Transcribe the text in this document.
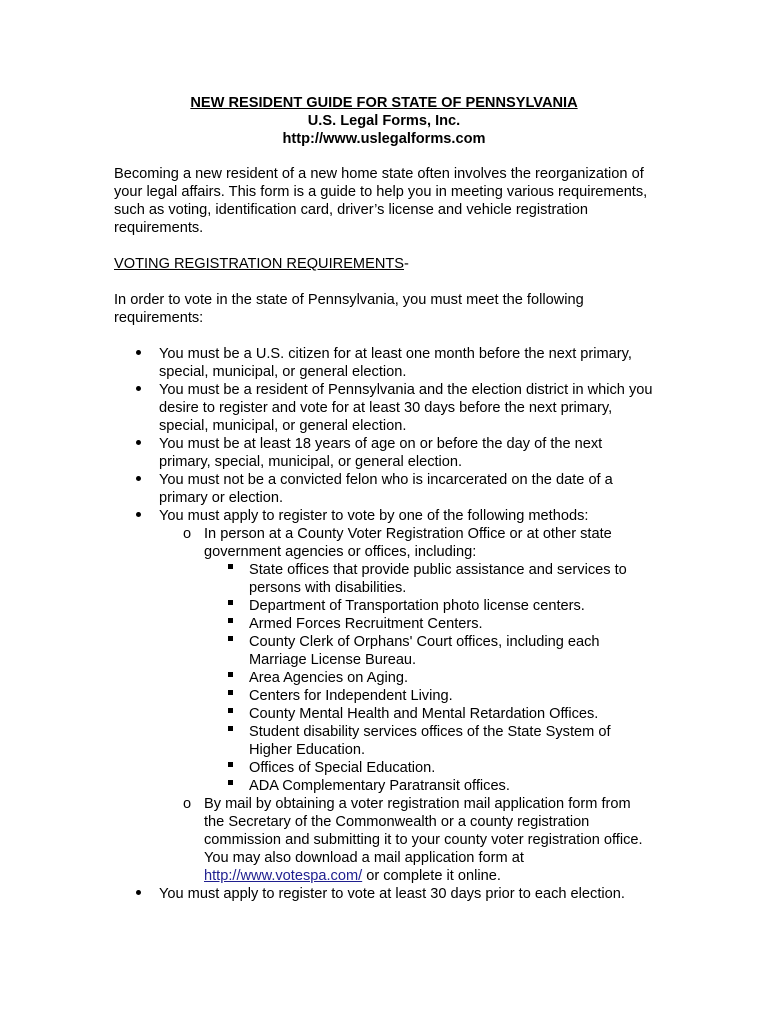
NEW RESIDENT GUIDE FOR STATE OF PENNSYLVANIA
U.S. Legal Forms, Inc.
http://www.uslegalforms.com

Becoming a new resident of a new home state often involves the reorganization of your legal affairs. This form is a guide to help you in meeting various requirements, such as voting, identification card, driver’s license and vehicle registration requirements.

VOTING REGISTRATION REQUIREMENTS-

In order to vote in the state of Pennsylvania, you must meet the following requirements:

You must be a U.S. citizen for at least one month before the next primary, special, municipal, or general election.
You must be a resident of Pennsylvania and the election district in which you desire to register and vote for at least 30 days before the next primary, special, municipal, or general election.
You must be at least 18 years of age on or before the day of the next primary, special, municipal, or general election.
You must not be a convicted felon who is incarcerated on the date of a primary or election.
You must apply to register to vote by one of the following methods:
o In person at a County Voter Registration Office or at other state government agencies or offices, including:
State offices that provide public assistance and services to persons with disabilities.
Department of Transportation photo license centers.
Armed Forces Recruitment Centers.
County Clerk of Orphans' Court offices, including each Marriage License Bureau.
Area Agencies on Aging.
Centers for Independent Living.
County Mental Health and Mental Retardation Offices.
Student disability services offices of the State System of Higher Education.
Offices of Special Education.
ADA Complementary Paratransit offices.
o By mail by obtaining a voter registration mail application form from the Secretary of the Commonwealth or a county registration commission and submitting it to your county voter registration office. You may also download a mail application form at http://www.votespa.com/ or complete it online.
You must apply to register to vote at least 30 days prior to each election.
